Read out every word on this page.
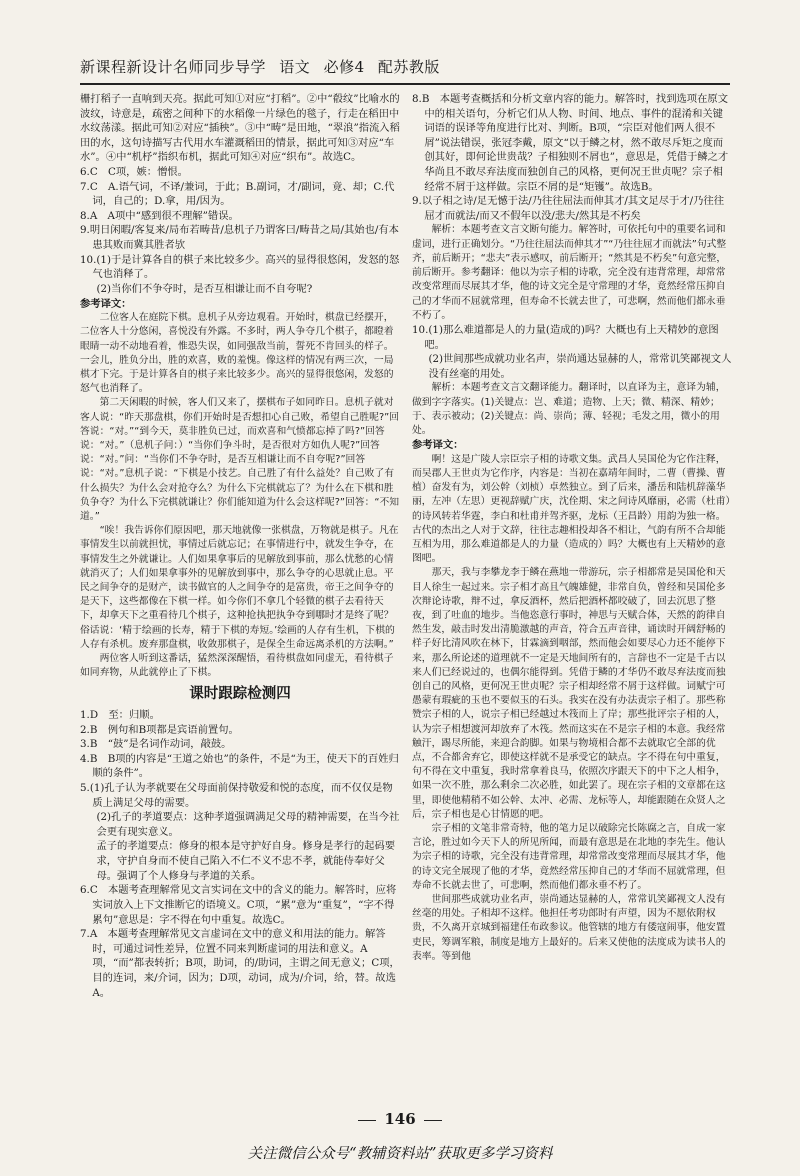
新课程新设计名师同步导学 语文 必修4 配苏教版

栅打稻子一直响到天亮。据此可知①对应“打稻”。②中“殽纹”比喻水的波纹，诗意是，疏密之间种下的水稻像一片绿色的毯子，行走在稻田中水纹荡漾。据此可知②对应“插秧”。③中“畴”是田地，“翠浪”指流入稻田的水，这句诗描写古代用水车灌溉稻田的情景，据此可知③对应“车水”。④中“机杼”指织布机，据此可知④对应“织布”。故选C。

6.C　C项，嫉：憎恨。

7.C　A.语气词，不译/兼词，于此；B.副词，才/副词，竟、却；C.代词，自己的；D.拿，用/因为。

8.A　A项中“感到很不理解”错误。

9.明日闲暇/客复来/局布若畴昔/息机子乃谓客曰/畴昔之局/其始也/有本患其败而冀其胜者欤

10.(1)于是计算各自的棋子来比较多少。高兴的显得很悠闲，发怒的怒气也消释了。

(2)当你们不争夺时，是否互相谦让而不自夸呢?

参考译文：

二位客人在庭院下棋。息机子从旁边观看。开始时，棋盘已经摆开，二位客人十分悠闲，喜悦没有外露。不多时，两人争夺几个棋子，都瞪着眼睛一动不动地看着，惟恐失误，如同强敌当前，誓死不肯回头的样子。一会儿，胜负分出，胜的欢喜，败的羞愧。像这样的情况有两三次，一局棋才下完。于是计算各自的棋子来比较多少。高兴的显得很悠闲，发怒的怒气也消释了。

第二天闲暇的时候，客人们又来了，摆棋布子如同昨日。息机子就对客人说：“昨天那盘棋，你们开始时是否想扣心自己败，希望自己胜呢?”回答说：“对。”“到今天，莫非胜负已过，而欢喜和气愤都忘掉了吗?”回答说：“对。”（息机子问：）“当你们争斗时，是否很对方如仇人呢?”回答说：“对。”问：“当你们不争夺时，是否互相谦让而不自夸呢?”回答说：“对。”息机子说：“下棋是小技艺。自己胜了有什么益处？自己败了有什么损失？为什么会对抢夺么？为什么下完棋就忘了？为什么在下棋和胜负争夺？为什么下完棋就谦让？你们能知道为什么会这样呢?”回答：“不知道。”

“唉！我告诉你们原因吧，那天地就像一张棋盘，万物就是棋子。凡在事情发生以前就担忧，事情过后就忘记；在事情进行中，就发生争夺，在事情发生之外就谦让。人们如果拿事后的见解放到事前，那么忧愁的心情就消灭了；人们如果拿事外的见解放到事中，那么争夺的心思就止息。平民之间争夺的是财产，读书做官的人之间争夺的是富贵，帝王之间争夺的是天下，这些都像在下棋一样。如今你们不拿几个轻微的棋子去看待天下，却拿天下之重看待几个棋子，这种抢执把执争夺到哪时才是终了呢？俗话说：‘精于绘画的长寿，精于下棋的寿短。’绘画的人存有生机，下棋的人存有杀机。废弃那盘棋，收敛那棋子，是保全生命远离杀机的方法啊。”

两位客人听到这番话，猛然深深醒悟，看待棋盘如同虚无，看待棋子如同弃物，从此就停止了下棋。

课时跟踪检测四

1.D　至：归顺。

2.B　例句和B项都是宾语前置句。

3.B　“鼓”是名词作动词，敲鼓。

4.B　B项的内容是“王道之始也”的条件，不是“为王，使天下的百姓归顺的条件”。

5.(1)孔子认为孝就要在父母面前保持敬爱和悦的态度，而不仅仅是物质上满足父母的需要。

(2)孔子的孝道要点：这种孝道强调满足父母的精神需要，在当今社会更有现实意义。

孟子的孝道要点：修身的根本是守护好自身。修身是孝行的起码要求，守护自身而不使自己陷入不仁不义不忠不孝，就能侍奉好父母。强调了个人修身与孝道的关系。

6.C　本题考查理解常见文言实词在文中的含义的能力。解答时，应将实词放入上下文推断它的语境义。C项，“累”意为“重复”，“字不得累句”意思是：字不得在句中重复。故选C。

7.A　本题考查理解常见文言虚词在文中的意义和用法的能力。解答时，可通过词性差异，位置不同来判断虚词的用法和意义。A项，“而”都表转折；B项，助词，的/助词，主谓之间无意义；C项，目的连词，来/介词，因为；D项，动词，成为/介词，给，替。故选A。

8.B　本题考查概括和分析文章内容的能力。解答时，找到选项在原文中的相关语句，分析它们从人物、时间、地点、事件的混淆和关键词语的误译等角度进行比对、判断。B项，“宗臣对他们两人很不屑”说法错误，张冠李戴，原文“以于鳞之材，然不敢尽斥矩之度而创其好，即何论世贵哉？子相独则不屑也”，意思是，凭借于鳞之才华尚且不敢尽弃法度而独创自己的风格，更何况王世贞呢？宗子相经常不屑于这样做。宗臣不屑的是“矩镬”。故选B。

9.以子相之诗/足无憾于法/乃往往屈法而伸其才/其文足尽于才/乃往往屈才而就法/而又不假年以没/悲夫/然其是不朽矣

解析：本题考查文言文断句能力。解答时，可依托句中的重要名词和虚词，进行正确划分。“乃往往屈法而伸其才”“乃往往屈才而就法”句式整齐，前后断开；“悲夫”表示感叹，前后断开；“然其是不朽矣”句意完整，前后断开。参考翻译：他以为宗子相的诗歌，完全没有违背常理，却常常改变常理而尽展其才华，他的诗文完全是守常理的才华，竟然经常压抑自己的才华而不屈就常理，但寿命不长就去世了，可悲啊，然而他们都永垂不朽了。

10.(1)那么难道都是人的力量(造成的)吗？大概也有上天精妙的意图吧。

(2)世间那些成就功业名声，崇尚通达显赫的人，常常讥笑鄙视文人没有丝毫的用处。

解析：本题考查文言文翻译能力。翻译时，以直译为主，意译为辅，做到字字落实。(1)关键点：岂、难道；造物、上天；微、精深、精妙；于、表示被动；(2)关键点：尚、崇尚；薄、轻视；毛发之用，微小的用处。

参考译文：

啊！这是广陵人宗臣宗子相的诗歌文集。武昌人吴国伦为它作注释，而吴郡人王世贞为它作序，内容是：当初在嘉靖年间时，二曹（曹操、曹植）奋发有为，刘公幹（刘桢）卓然独立。到了后来，潘岳和陆机辞藻华丽，左冲（左思）更视辞赋广庆，沈佺期、宋之问诗风靡丽，必需（杜甫）的诗风转若华霆，李白和杜甫并驾齐驱，龙标（王昌龄）用韵为独一格。古代的杰出之人对于文辞，往往志趣相投却各不相让，气韵有所不合却能互相为用，那么难道都是人的力量（造成的）吗？大概也有上天精妙的意图吧。

那天，我与李攀龙李于鳞在燕地一带游玩，宗子相都常是吴国伦和天目人徐生一起过来。宗子相才高且气魄雄健，非常自负，曾经和吴国伦多次辩论诗歌，辩不过，拿反酒杯，然后把酒杯都咬破了，回去沉思了整夜，到了吐血的地步。当他恣意行事时，神思与天赋合体，天然的韵律自然生发，敲击时发出清脆激越的声音，符合五声音律，诵读时开阔舒畅的样子好比清风吹在林下，甘霖滴到咽部，然而他会如要尽心力还不能停下来，那么所论述的道理就不一定是天地间所有的，言辞也不一定是千古以来人们已经说过的，也偶尔能得到。凭借于鳞的才华仍不敢尽弃法度而独创自己的风格，更何况王世贞呢？宗子相却经常不屑于这样做。词赋宁可愚蒙有瑕疵的玉也不要似玉的石头。我实在没有办法责宗子相了。那些称赞宗子相的人，说宗子相已经越过木筏而上了岸；那些批评宗子相的人，认为宗子相想渡河却放弃了木筏。然而这实在不是宗子相的本意。我经常触汗，踢尽所能，来迎合韵脚。如果与物境相合都不去就取它全部的优点，不合都舍弃它，即使这样就不是承受它的缺点。字不得在句中重复，句不得在文中重复，我时常拿着良马，依照次序跟天下的中下之人相争，如果一次不胜，那么剩余二次必胜，如此罢了。现在宗子相的文章都在这里，即使他精稍不如公幹、太冲、必需、龙标等人，却能跟随在众贤人之后，宗子相也是心甘情愿的吧。

宗子相的文笔非常奇特，他的笔力足以破除完长陈腐之言，自成一家言论，胜过如今天下人的所见所闻，而最有意思是在北地的李先生。他认为宗子相的诗歌，完全没有违背常理，却常常改变常理而尽展其才华，他的诗文完全展现了他的才华，竟然经常压抑自己的才华而不屈就常理，但寿命不长就去世了，可悲啊，然而他们都永垂不朽了。

世间那些成就功业名声，崇尚通达显赫的人，常常讥笑鄙视文人没有丝毫的用处。子相却不这样。他担任考功郎时有声望，因为不愿依附权贵，不久离开京城到福建任布政参议。他管辖的地方有倭寇闹事，他安置吏民，筹调军粮，制度是地方上最好的。后来又使他的法度成为读书人的表率。等到他

146
关注微信公众号“教辅资料站”获取更多学习资料
